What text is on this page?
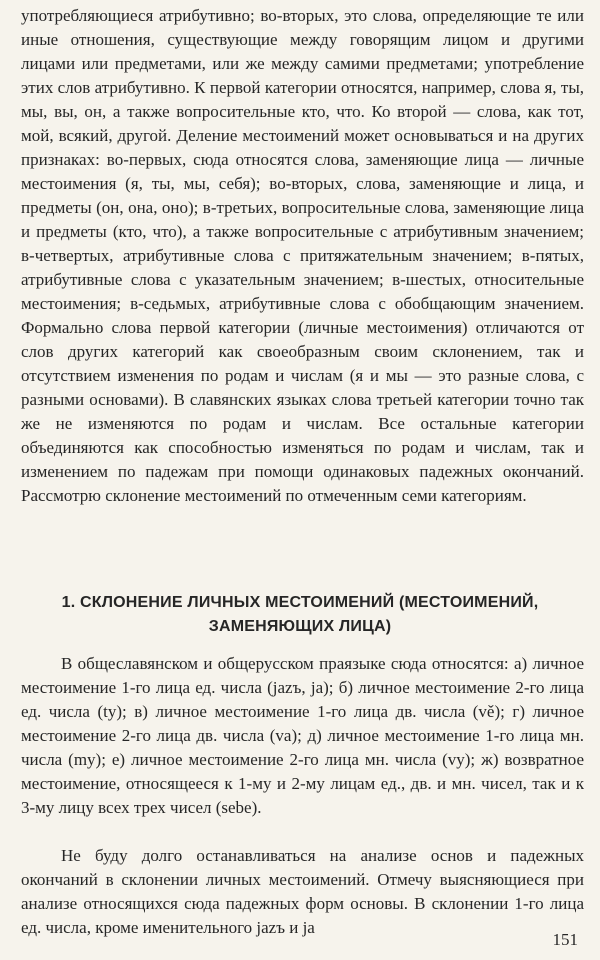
употребляющиеся атрибутивно; во-вторых, это слова, определяющие те или иные отношения, существующие между говорящим лицом и другими лицами или предметами, или же между самими предметами; употребление этих слов атрибутивно. К первой категории относятся, например, слова я, ты, мы, вы, он, а также вопросительные кто, что. Ко второй — слова, как тот, мой, всякий, другой. Деление местоимений может основываться и на других признаках: во-первых, сюда относятся слова, заменяющие лица — личные местоимения (я, ты, мы, себя); во-вторых, слова, заменяющие и лица, и предметы (он, она, оно); в-третьих, вопросительные слова, заменяющие лица и предметы (кто, что), а также вопросительные с атрибутивным значением; в-четвертых, атрибутивные слова с притяжательным значением; в-пятых, атрибутивные слова с указательным значением; в-шестых, относительные местоимения; в-седьмых, атрибутивные слова с обобщающим значением. Формально слова первой категории (личные местоимения) отличаются от слов других категорий как своеобразным своим склонением, так и отсутствием изменения по родам и числам (я и мы — это разные слова, с разными основами). В славянских языках слова третьей категории точно так же не изменяются по родам и числам. Все остальные категории объединяются как способностью изменяться по родам и числам, так и изменением по падежам при помощи одинаковых падежных окончаний. Рассмотрю склонение местоимений по отмеченным семи категориям.

1. СКЛОНЕНИЕ ЛИЧНЫХ МЕСТОИМЕНИЙ (МЕСТОИМЕНИЙ, ЗАМЕНЯЮЩИХ ЛИЦА)

В общеславянском и общерусском праязыке сюда относятся: а) личное местоимение 1-го лица ед. числа (jazъ, ja); б) личное местоимение 2-го лица ед. числа (ty); в) личное местоимение 1-го лица дв. числа (vě); г) личное местоимение 2-го лица дв. числа (va); д) личное местоимение 1-го лица мн. числа (my); е) личное местоимение 2-го лица мн. числа (vy); ж) возвратное местоимение, относящееся к 1-му и 2-му лицам ед., дв. и мн. чисел, так и к 3-му лицу всех трех чисел (sebe).

Не буду долго останавливаться на анализе основ и падежных окончаний в склонении личных местоимений. Отмечу выясняющиеся при анализе относящихся сюда падежных форм основы. В склонении 1-го лица ед. числа, кроме именительного jazъ и ja

151
